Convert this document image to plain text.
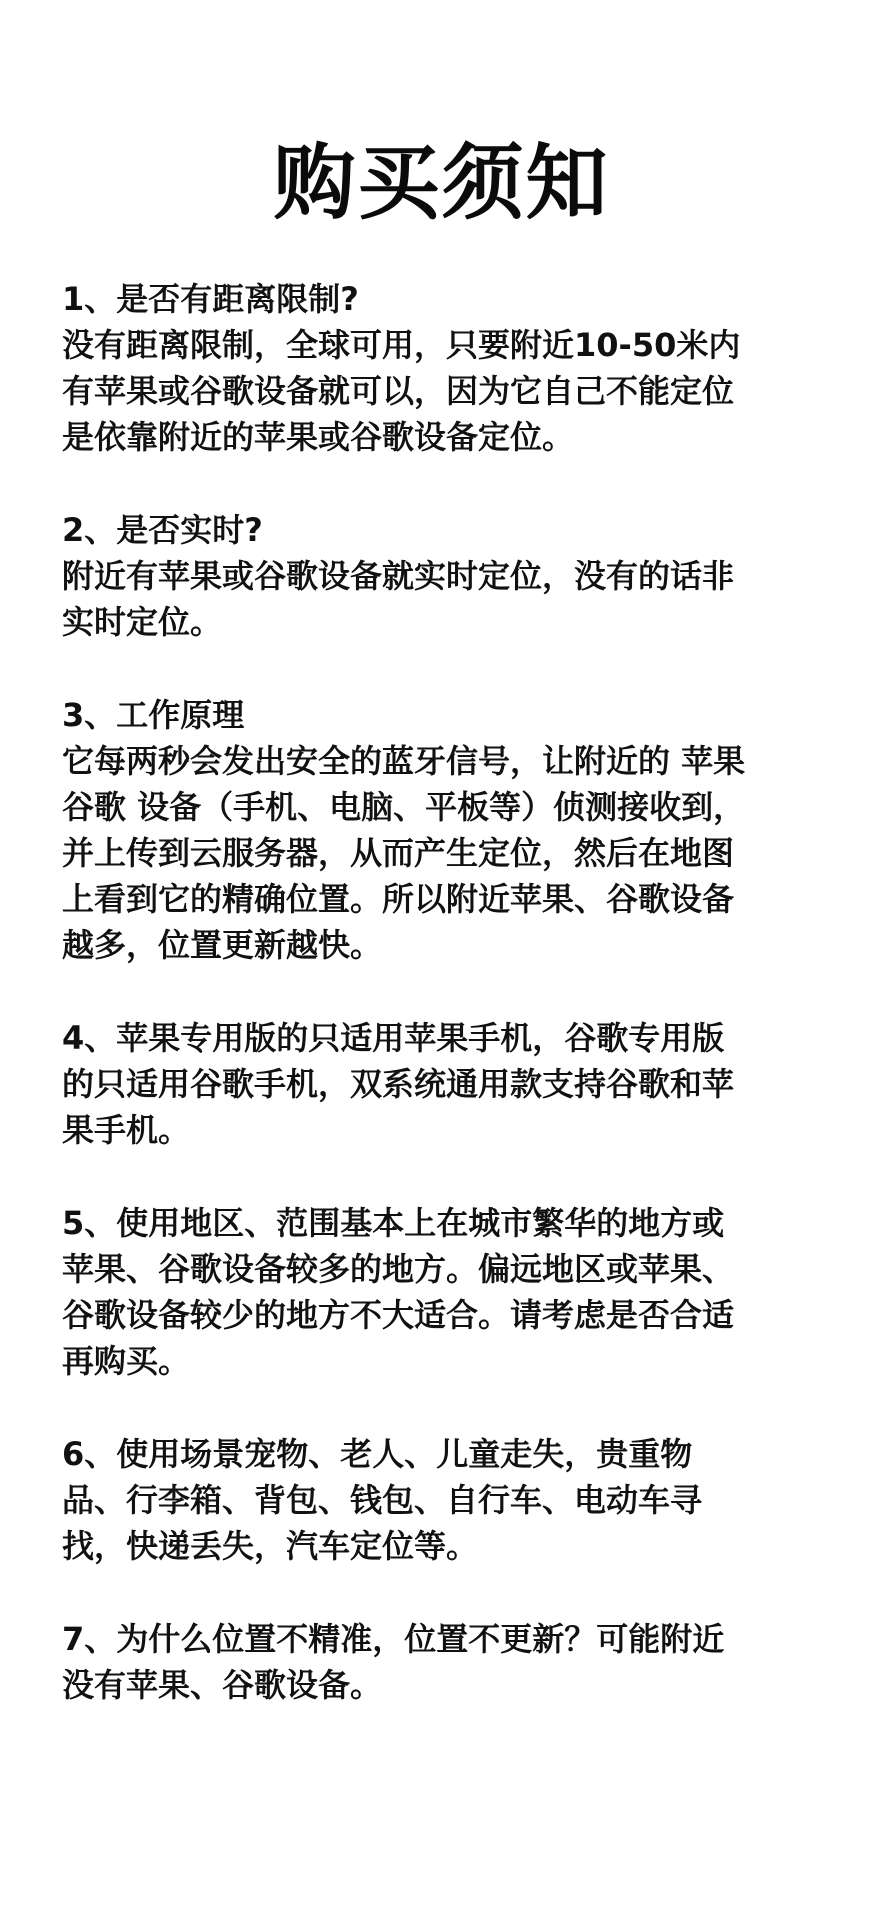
购买须知
1、是否有距离限制?
没有距离限制，全球可用，只要附近10-50米内
有苹果或谷歌设备就可以，因为它自己不能定位
是依靠附近的苹果或谷歌设备定位。
2、是否实时?
附近有苹果或谷歌设备就实时定位，没有的话非
实时定位。
3、工作原理
它每两秒会发出安全的蓝牙信号，让附近的 苹果
谷歌 设备（手机、电脑、平板等）侦测接收到，
并上传到云服务器，从而产生定位，然后在地图
上看到它的精确位置。所以附近苹果、谷歌设备
越多，位置更新越快。
4、苹果专用版的只适用苹果手机，谷歌专用版
的只适用谷歌手机，双系统通用款支持谷歌和苹
果手机。
5、使用地区、范围基本上在城市繁华的地方或
苹果、谷歌设备较多的地方。偏远地区或苹果、
谷歌设备较少的地方不大适合。请考虑是否合适
再购买。
6、使用场景宠物、老人、儿童走失，贵重物
品、行李箱、背包、钱包、自行车、电动车寻
找，快递丢失，汽车定位等。
7、为什么位置不精准，位置不更新？可能附近
没有苹果、谷歌设备。
